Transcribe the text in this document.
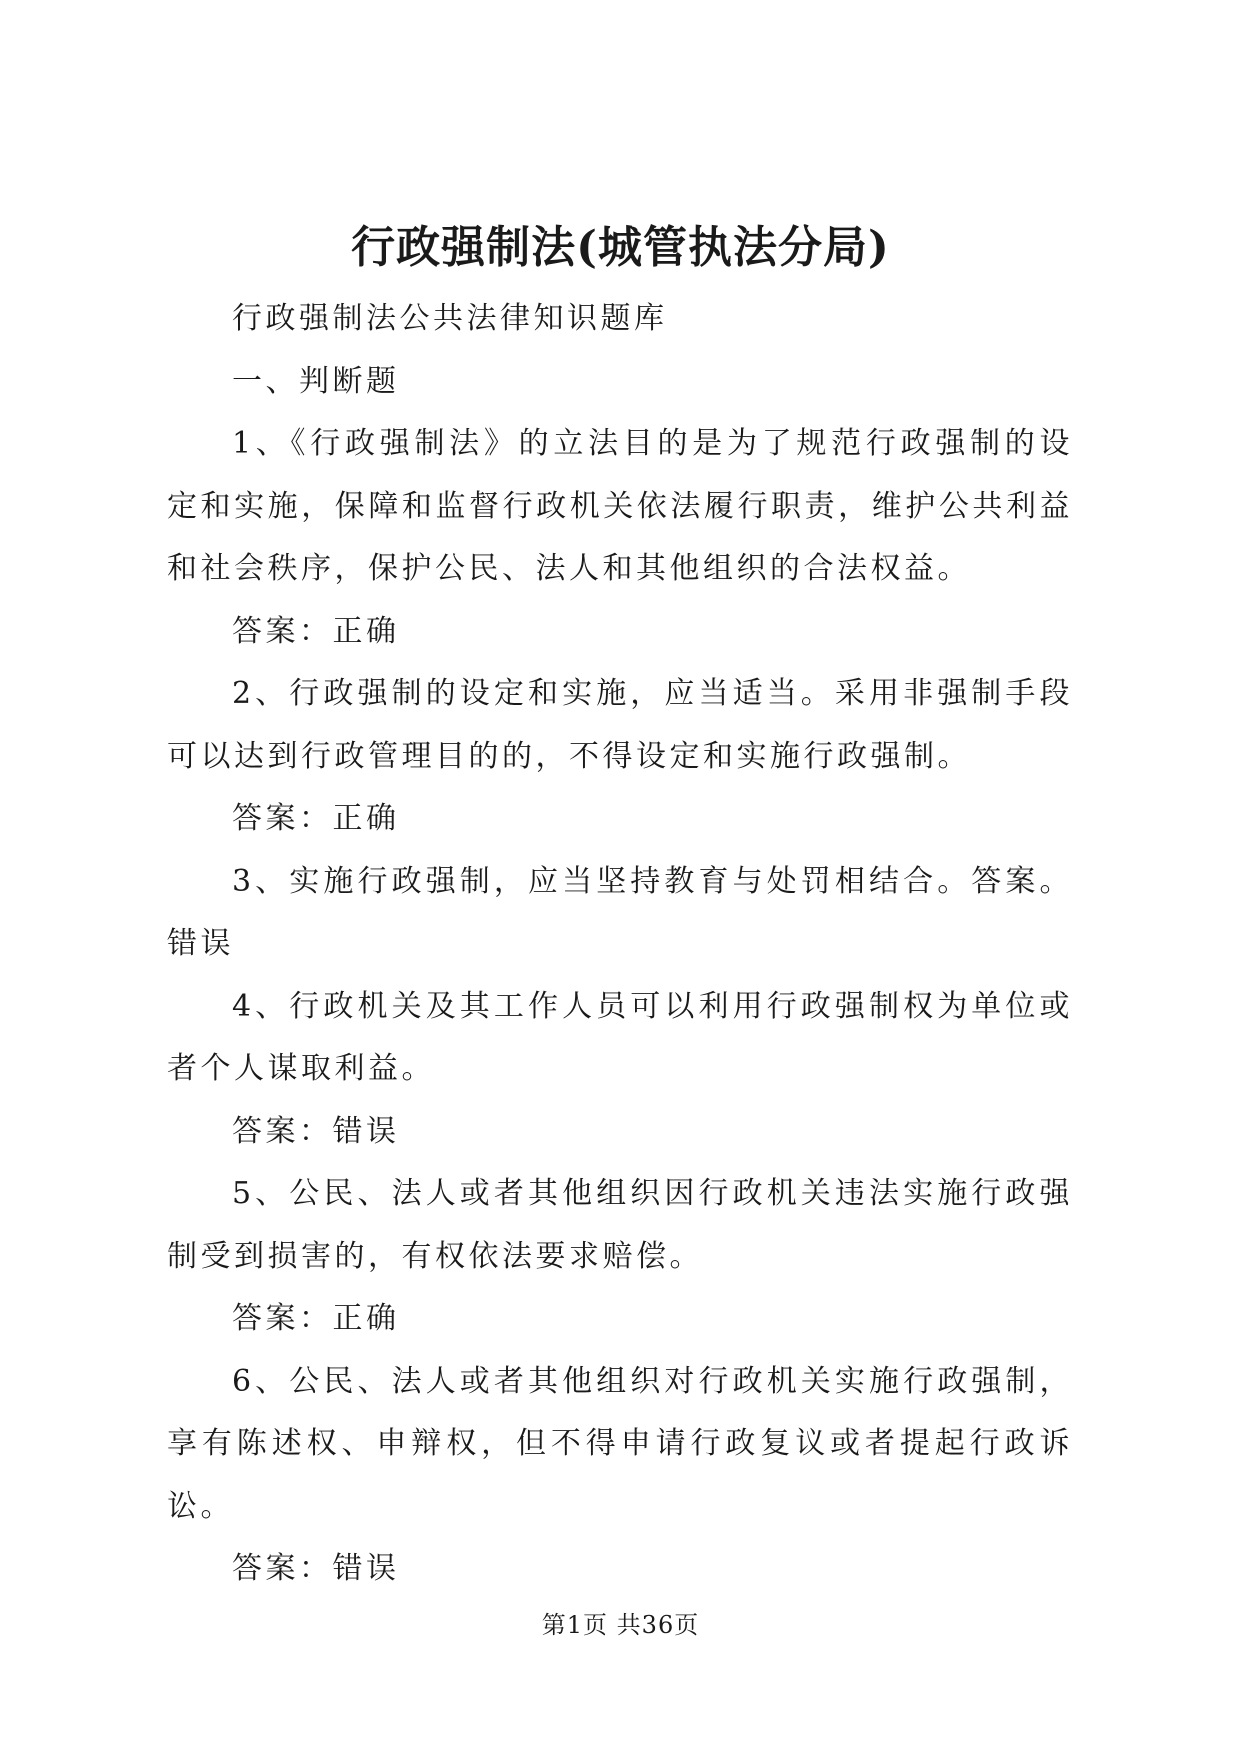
行政强制法(城管执法分局)

行政强制法公共法律知识题库

一、判断题

1、《行政强制法》的立法目的是为了规范行政强制的设定和实施，保障和监督行政机关依法履行职责，维护公共利益和社会秩序，保护公民、法人和其他组织的合法权益。

答案：正确

2、行政强制的设定和实施，应当适当。采用非强制手段可以达到行政管理目的的，不得设定和实施行政强制。

答案：正确

3、实施行政强制，应当坚持教育与处罚相结合。答案。错误

4、行政机关及其工作人员可以利用行政强制权为单位或者个人谋取利益。

答案：错误

5、公民、法人或者其他组织因行政机关违法实施行政强制受到损害的，有权依法要求赔偿。

答案：正确

6、公民、法人或者其他组织对行政机关实施行政强制，享有陈述权、申辩权，但不得申请行政复议或者提起行政诉讼。

答案：错误

第1页 共36页
